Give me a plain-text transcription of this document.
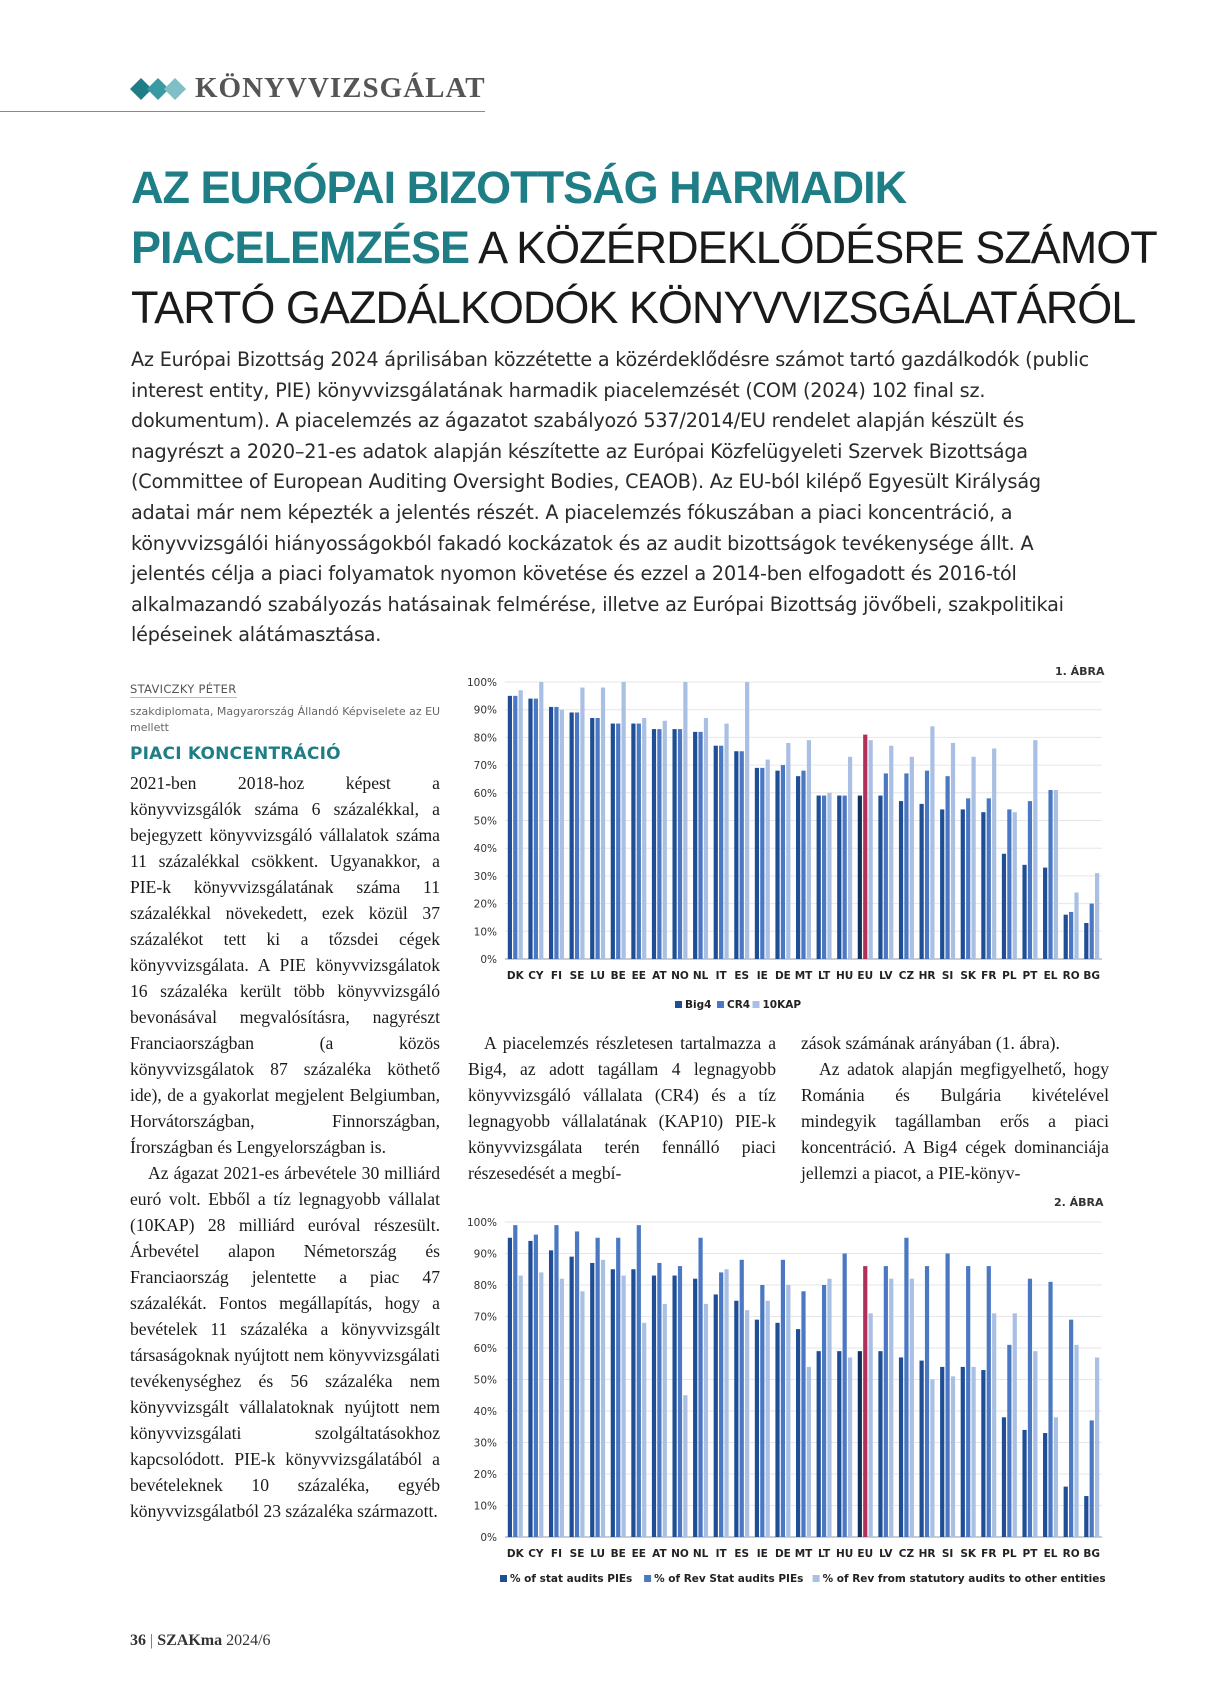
KÖNYVVIZSGÁLAT
AZ EURÓPAI BIZOTTSÁG HARMADIK PIACELEMZÉSE A KÖZÉRDEKLŐDÉSRE SZÁMOT TARTÓ GAZDÁLKODÓK KÖNYVVIZSGÁLATÁRÓL
Az Európai Bizottság 2024 áprilisában közzétette a közérdeklődésre számot tartó gazdálkodók (public interest entity, PIE) könyvvizsgálatának harmadik piacelemzését (COM (2024) 102 final sz. dokumentum). A piacelemzés az ágazatot szabályozó 537/2014/EU rendelet alapján készült és nagyrészt a 2020–21-es adatok alapján készítette az Európai Közfelügyeleti Szervek Bizottsága (Committee of European Auditing Oversight Bodies, CEAOB). Az EU-ból kilépő Egyesült Királyság adatai már nem képezték a jelentés részét. A piacelemzés fókuszában a piaci koncentráció, a könyvvizsgálói hiányosságokból fakadó kockázatok és az audit bizottságok tevékenysége állt. A jelentés célja a piaci folyamatok nyomon követése és ezzel a 2014-ben elfogadott és 2016-tól alkalmazandó szabályozás hatásainak felmérése, illetve az Európai Bizottság jövőbeli, szakpolitikai lépéseinek alátámasztása.
STAVICZKY PÉTER
szakdiplomata, Magyarország Állandó Képviselete az EU mellett
PIACI KONCENTRÁCIÓ

2021-ben 2018-hoz képest a könyvvizsgálók száma 6 százalékkal, a bejegyzett könyvvizsgáló vállalatok száma 11 százalékkal csökkent. Ugyanakkor, a PIE-k könyvvizsgálatának száma 11 százalékkal növekedett, ezek közül 37 százalékot tett ki a tőzsdei cégek könyvvizsgálata. A PIE könyvvizsgálatok 16 százaléka került több könyvvizsgáló bevonásával megvalósításra, nagyrészt Franciaországban (a közös könyvvizsgálatok 87 százaléka köthető ide), de a gyakorlat megjelent Belgiumban, Horvátországban, Finnországban, Írországban és Lengyelországban is.

Az ágazat 2021-es árbevétele 30 milliárd euró volt. Ebből a tíz legnagyobb vállalat (10KAP) 28 milliárd euróval részesült. Árbevétel alapon Németország és Franciaország jelentette a piac 47 százalékát. Fontos megállapítás, hogy a bevételek 11 százaléka a könyvvizsgált társaságoknak nyújtott nem könyvvizsgálati tevékenységhez és 56 százaléka nem könyvvizsgált vállalatoknak nyújtott nem könyvvizsgálati szolgáltatásokhoz kapcsolódott. PIE-k könyvvizsgálatából a bevételeknek 10 százaléka, egyéb könyvvizsgálatból 23 százaléka származott.

1. ÁBRA
0%
10%
20%
30%
40%
50%
60%
70%
80%
90%
100%
DK CY FI SE LU BE EE AT NO NL IT ES IE DE MT LT HU EU LV CZ HR SI SK FR PL PT EL RO BG
Big4 CR4 10KAP

A piacelemzés részletesen tartalmazza a Big4, az adott tagállam 4 legnagyobb könyvvizsgáló vállalata (CR4) és a tíz legnagyobb vállalatának (KAP10) PIE-k könyvvizsgálata terén fennálló piaci részesedését a megbí-

zások számának arányában (1. ábra).

Az adatok alapján megfigyelhető, hogy Románia és Bulgária kivételével mindegyik tagállamban erős a piaci koncentráció. A Big4 cégek dominanciája jellemzi a piacot, a PIE-könyv-

2. ÁBRA
0%
10%
20%
30%
40%
50%
60%
70%
80%
90%
100%
DK CY FI SE LU BE EE AT NO NL IT ES IE DE MT LT HU EU LV CZ HR SI SK FR PL PT EL RO BG
% of stat audits PIEs % of Rev Stat audits PIEs % of Rev from statutory audits to other entities
36 | SZAKma 2024/6
